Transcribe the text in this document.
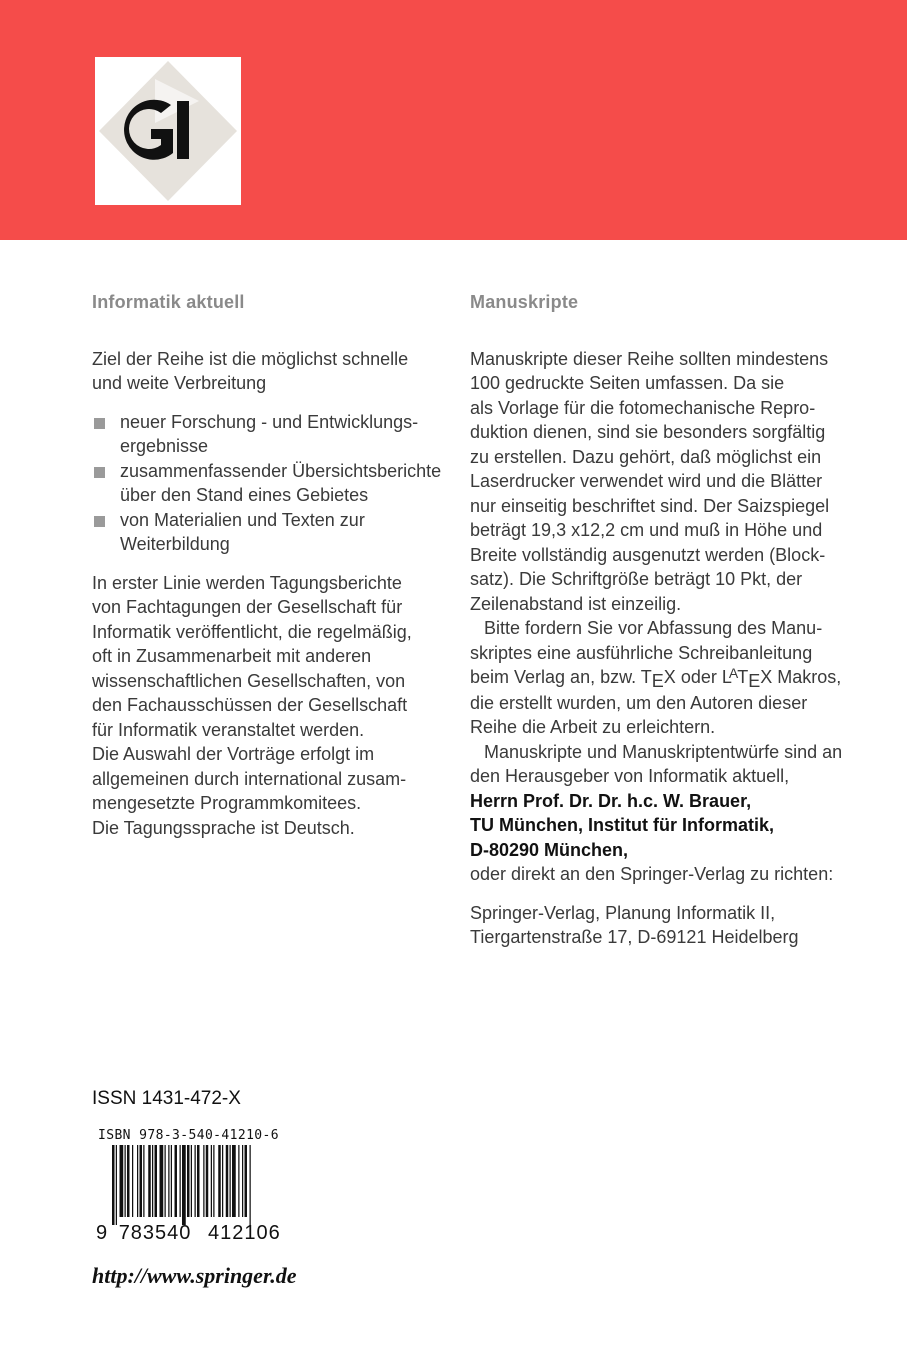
Informatik aktuell

Ziel der Reihe ist die möglichst schnelle
und weite Verbreitung

neuer Forschung - und Entwicklungs-
ergebnisse
zusammenfassender Übersichtsberichte
über den Stand eines Gebietes
von Materialien und Texten zur
Weiterbildung

In erster Linie werden Tagungsberichte
von Fachtagungen der Gesellschaft für
Informatik veröffentlicht, die regelmäßig,
oft in Zusammenarbeit mit anderen
wissenschaftlichen Gesellschaften, von
den Fachausschüssen der Gesellschaft
für Informatik veranstaltet werden.
Die Auswahl der Vorträge erfolgt im
allgemeinen durch international zusam-
mengesetzte Programmkomitees.
Die Tagungssprache ist Deutsch.

Manuskripte

Manuskripte dieser Reihe sollten mindestens
100 gedruckte Seiten umfassen. Da sie
als Vorlage für die fotomechanische Repro-
duktion dienen, sind sie besonders sorgfältig
zu erstellen. Dazu gehört, daß möglichst ein
Laserdrucker verwendet wird und die Blätter
nur einseitig beschriftet sind. Der Saizspiegel
beträgt 19,3 x12,2 cm und muß in Höhe und
Breite vollständig ausgenutzt werden (Block-
satz). Die Schriftgröße beträgt 10 Pkt, der
Zeilenabstand ist einzeilig.

Bitte fordern Sie vor Abfassung des Manu-
skriptes eine ausführliche Schreibanleitung
beim Verlag an, bzw. TEX oder LATEX Makros,
die erstellt wurden, um den Autoren dieser
Reihe die Arbeit zu erleichtern.

Manuskripte und Manuskriptentwürfe sind an
den Herausgeber von Informatik aktuell,
Herrn Prof. Dr. Dr. h.c. W. Brauer,
TU München, Institut für Informatik,
D-80290 München,
oder direkt an den Springer-Verlag zu richten:

Springer-Verlag, Planung Informatik II,
Tiergartenstraße 17, D-69121 Heidelberg

ISSN 1431-472-X
ISBN 978-3-540-41210-6
9 783540 412106
http://www.springer.de
